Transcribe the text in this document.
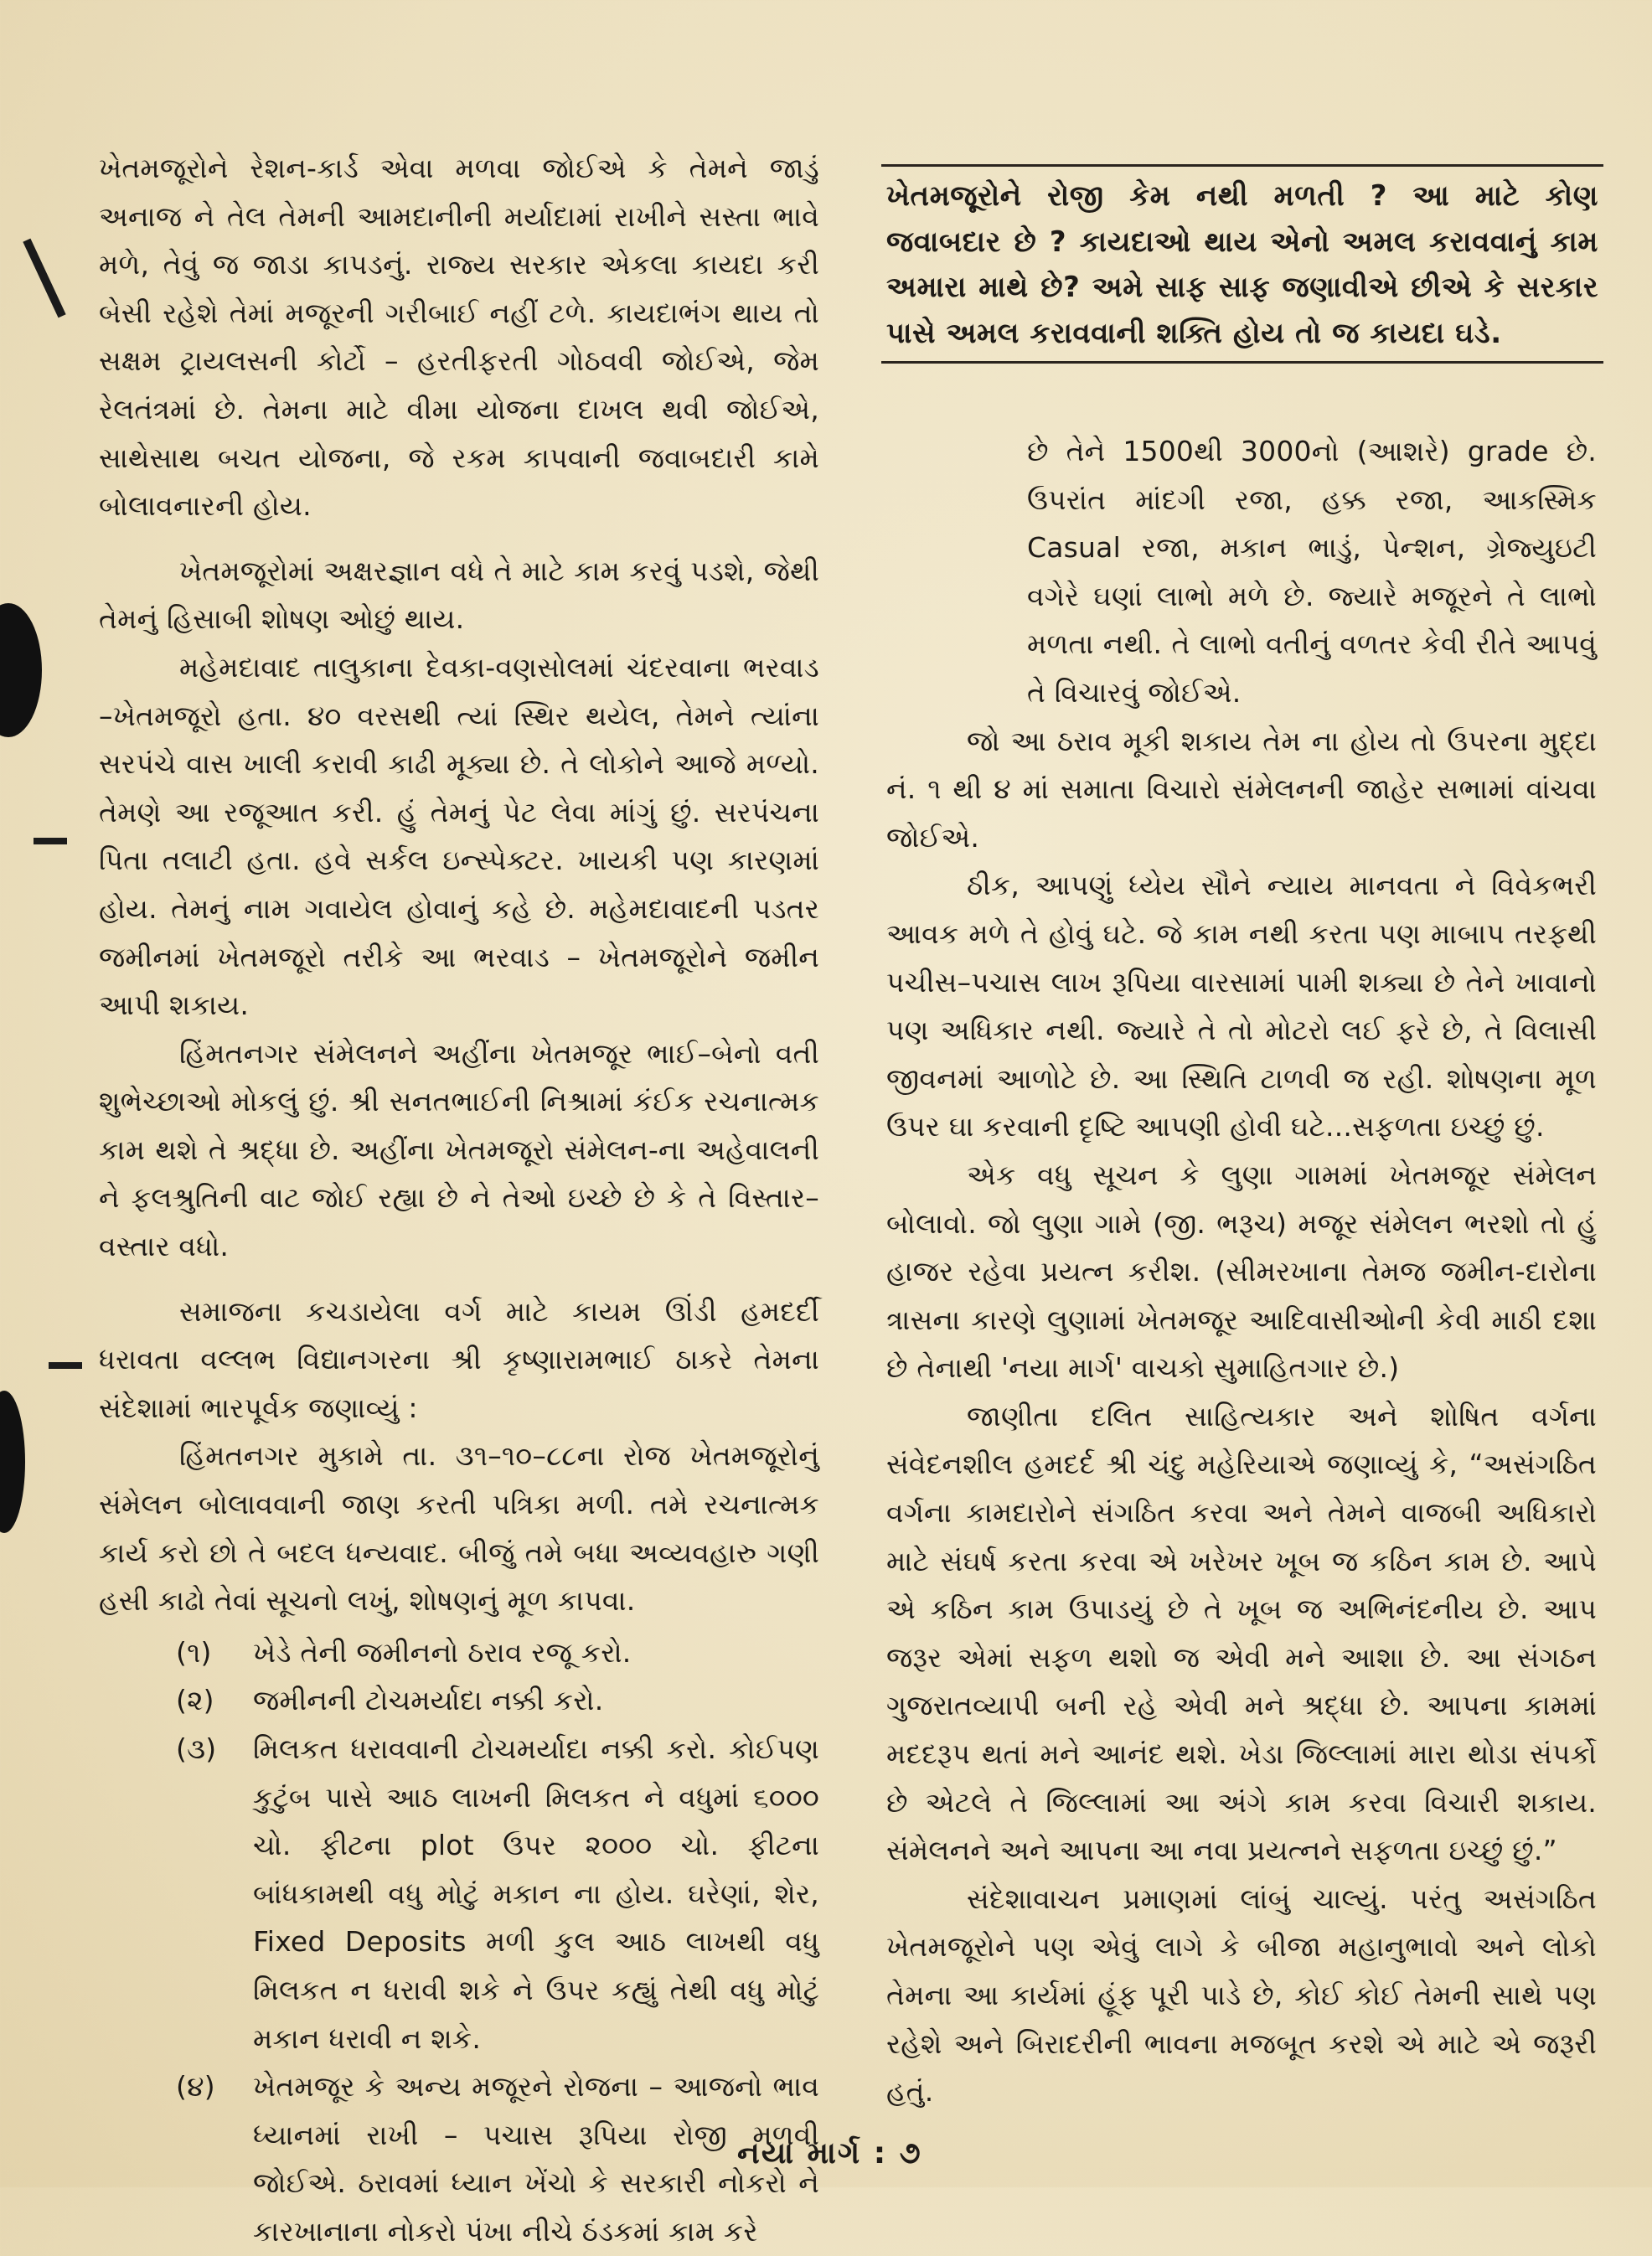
ખેતમજૂરોને રેશન-કાર્ડ એવા મળવા જોઈએ કે તેમને જાડું અનાજ ને તેલ તેમની આમદાનીની મર્યાદામાં રાખીને સસ્તા ભાવે મળે, તેવું જ જાડા કાપડનું. રાજ્ય સરકાર એકલા કાયદા કરી બેસી રહેશે તેમાં મજૂરની ગરીબાઈ નહીં ટળે. કાયદાભંગ થાય તો સક્ષમ ટ્રાયલસની કોર્ટો – હરતીફરતી ગોઠવવી જોઈએ, જેમ રેલતંત્રમાં છે. તેમના માટે વીમા યોજના દાખલ થવી જોઈએ, સાથેસાથ બચત યોજના, જે રકમ કાપવાની જવાબદારી કામે બોલાવનારની હોય.

ખેતમજૂરોમાં અક્ષરજ્ઞાન વધે તે માટે કામ કરવું પડશે, જેથી તેમનું હિસાબી શોષણ ઓછું થાય.

મહેમદાવાદ તાલુકાના દેવકા-વણસોલમાં ચંદરવાના ભરવાડ –ખેતમજૂરો હતા. ૪૦ વરસથી ત્યાં સ્થિર થયેલ, તેમને ત્યાંના સરપંચે વાસ ખાલી કરાવી કાઢી મૂક્યા છે. તે લોકોને આજે મળ્યો. તેમણે આ રજૂઆત કરી. હું તેમનું પેટ લેવા માંગું છું. સરપંચના પિતા તલાટી હતા. હવે સર્કલ ઇન્સ્પેક્ટર. ખાયકી પણ કારણમાં હોય. તેમનું નામ ગવાયેલ હોવાનું કહે છે. મહેમદાવાદની પડતર જમીનમાં ખેતમજૂરો તરીકે આ ભરવાડ – ખેતમજૂરોને જમીન આપી શકાય.

હિંમતનગર સંમેલનને અહીંના ખેતમજૂર ભાઈ–બેનો વતી શુભેચ્છાઓ મોકલું છું. શ્રી સનતભાઈની નિશ્રામાં કંઈક રચનાત્મક કામ થશે તે શ્રદ્ધા છે. અહીંના ખેતમજૂરો સંમેલન-ના અહેવાલની ને ફલશ્રુતિની વાટ જોઈ રહ્યા છે ને તેઓ ઇચ્છે છે કે તે વિસ્તાર–વસ્તાર વધો.

સમાજના કચડાયેલા વર્ગ માટે કાયમ ઊંડી હમદર્દી ધરાવતા વલ્લભ વિદ્યાનગરના શ્રી કૃષ્ણારામભાઈ ઠાકરે તેમના સંદેશામાં ભારપૂર્વક જણાવ્યું :

હિંમતનગર મુકામે તા. ૩૧–૧૦–૮૮ના રોજ ખેતમજૂરોનું સંમેલન બોલાવવાની જાણ કરતી પત્રિકા મળી. તમે રચનાત્મક કાર્ય કરો છો તે બદલ ધન્યવાદ. બીજું તમે બધા અવ્યવહારુ ગણી હસી કાઢો તેવાં સૂચનો લખું, શોષણનું મૂળ કાપવા.

(૧)	ખેડે તેની જમીનનો ઠરાવ રજૂ કરો.
(૨)	જમીનની ટોચમર્યાદા નક્કી કરો.
(૩)	મિલકત ધરાવવાની ટોચમર્યાદા નક્કી કરો. કોઈપણ કુટુંબ પાસે આઠ લાખની મિલકત ને વધુમાં ૬૦૦૦ ચો. ફીટના plot ઉપર ૨૦૦૦ ચો. ફીટના બાંધકામથી વધુ મોટું મકાન ના હોય. ઘરેણાં, શેર, Fixed Deposits મળી કુલ આઠ લાખથી વધુ મિલકત ન ધરાવી શકે ને ઉપર કહ્યું તેથી વધુ મોટું મકાન ધરાવી ન શકે.
(૪)	ખેતમજૂર કે અન્ય મજૂરને રોજના – આજનો ભાવ ધ્યાનમાં રાખી – પચાસ રૂપિયા રોજી મળવી જોઈએ. ઠરાવમાં ધ્યાન ખેંચો કે સરકારી નોકરો ને કારખાનાના નોકરો પંખા નીચે ઠંડકમાં કામ કરે

ખેતમજૂરોને રોજી કેમ નથી મળતી ? આ માટે કોણ જવાબદાર છે ? કાયદાઓ થાય એનો અમલ કરાવવાનું કામ અમારા માથે છે? અમે સાફ સાફ જણાવીએ છીએ કે સરકાર પાસે અમલ કરાવવાની શક્તિ હોય તો જ કાયદા ઘડે.

છે તેને 1500થી 3000નો (આશરે) grade છે. ઉપરાંત માંદગી રજા, હક્ક રજા, આકસ્મિક Casual રજા, મકાન ભાડું, પેન્શન, ગ્રેજ્યુઇટી વગેરે ઘણાં લાભો મળે છે. જ્યારે મજૂરને તે લાભો મળતા નથી. તે લાભો વતીનું વળતર કેવી રીતે આપવું તે વિચારવું જોઈએ.

જો આ ઠરાવ મૂકી શકાય તેમ ના હોય તો ઉપરના મુદ્દા નં. ૧ થી ૪ માં સમાતા વિચારો સંમેલનની જાહેર સભામાં વાંચવા જોઈએ.

ઠીક, આપણું ધ્યેય સૌને ન્યાય માનવતા ને વિવેકભરી આવક મળે તે હોવું ઘટે. જે કામ નથી કરતા પણ માબાપ તરફથી પચીસ–પચાસ લાખ રૂપિયા વારસામાં પામી શક્યા છે તેને ખાવાનો પણ અધિકાર નથી. જ્યારે તે તો મોટરો લઈ ફરે છે, તે વિલાસી જીવનમાં આળોટે છે. આ સ્થિતિ ટાળવી જ રહી. શોષણના મૂળ ઉપર ઘા કરવાની દૃષ્ટિ આપણી હોવી ઘટે...સફળતા ઇચ્છું છું.

એક વધુ સૂચન કે લુણા ગામમાં ખેતમજૂર સંમેલન બોલાવો. જો લુણા ગામે (જી. ભરૂચ) મજૂર સંમેલન ભરશો તો હું હાજર રહેવા પ્રયત્ન કરીશ. (સીમરખાના તેમજ જમીન-દારોના ત્રાસના કારણે લુણામાં ખેતમજૂર આદિવાસીઓની કેવી માઠી દશા છે તેનાથી 'નયા માર્ગ' વાચકો સુમાહિતગાર છે.)

જાણીતા દલિત સાહિત્યકાર અને શોષિત વર્ગના સંવેદનશીલ હમદર્દ શ્રી ચંદુ મહેરિયાએ જણાવ્યું કે, “અસંગઠિત વર્ગના કામદારોને સંગઠિત કરવા અને તેમને વાજબી અધિકારો માટે સંઘર્ષ કરતા કરવા એ ખરેખર ખૂબ જ કઠિન કામ છે. આપે એ કઠિન કામ ઉપાડયું છે તે ખૂબ જ અભિનંદનીય છે. આપ જરૂર એમાં સફળ થશો જ એવી મને આશા છે. આ સંગઠન ગુજરાતવ્યાપી બની રહે એવી મને શ્રદ્ધા છે. આપના કામમાં મદદરૂપ થતાં મને આનંદ થશે. ખેડા જિલ્લામાં મારા થોડા સંપર્કો છે એટલે તે જિલ્લામાં આ અંગે કામ કરવા વિચારી શકાય. સંમેલનને અને આપના આ નવા પ્રયત્નને સફળતા ઇચ્છું છું.”

સંદેશાવાચન પ્રમાણમાં લાંબું ચાલ્યું. પરંતુ અસંગઠિત ખેતમજૂરોને પણ એવું લાગે કે બીજા મહાનુભાવો અને લોકો તેમના આ કાર્યમાં હૂંફ પૂરી પાડે છે, કોઈ કોઈ તેમની સાથે પણ રહેશે અને બિરાદરીની ભાવના મજબૂત કરશે એ માટે એ જરૂરી હતું.

નયા માર્ગ : ૭
